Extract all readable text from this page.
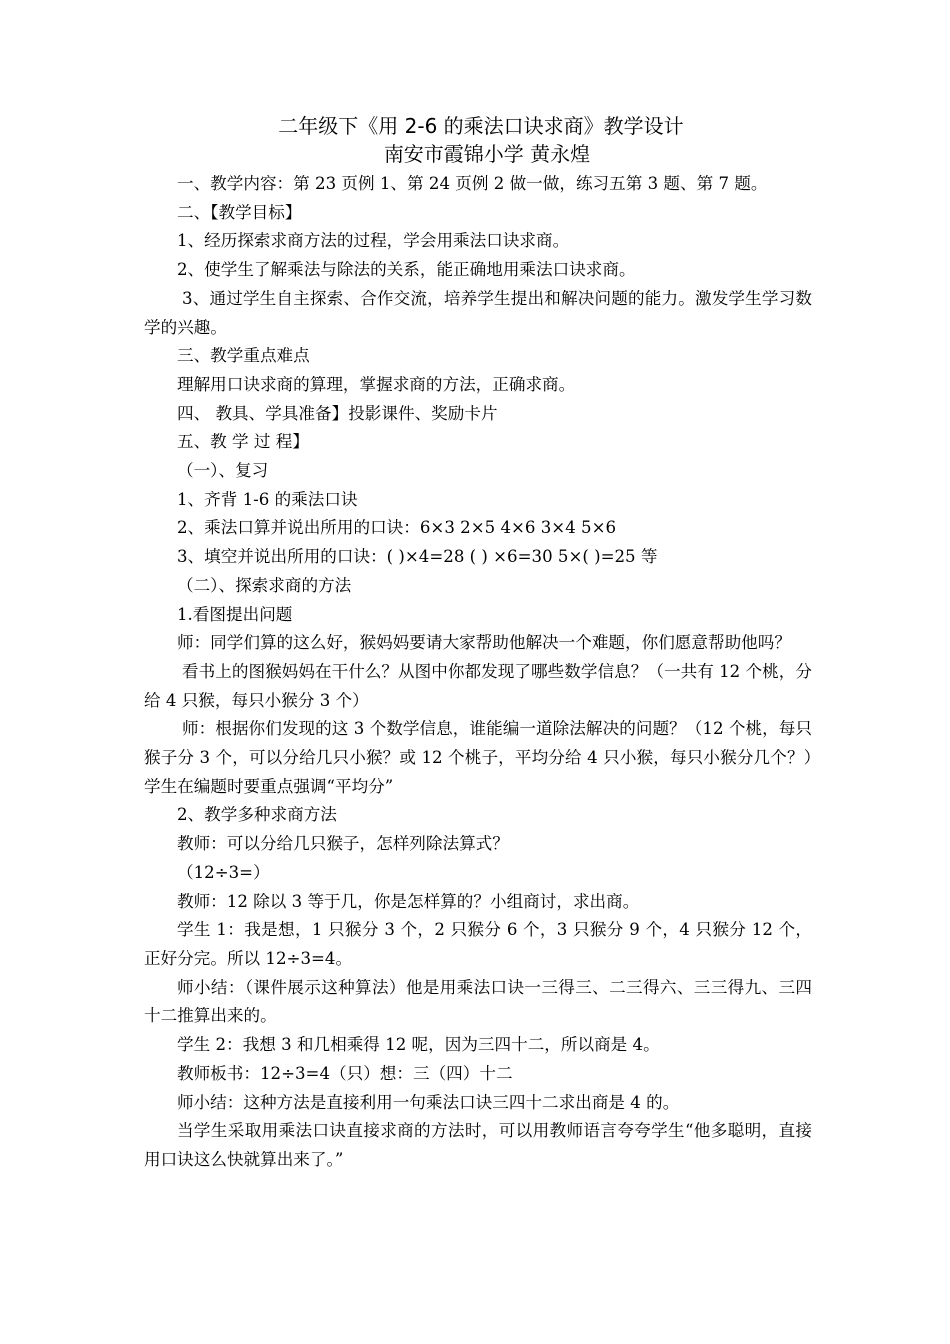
二年级下《用 2-6 的乘法口诀求商》教学设计
南安市霞锦小学 黄永煌

一、教学内容：第 23 页例 1、第 24 页例 2 做一做，练习五第 3 题、第 7 题。

二、【教学目标】

1、经历探索求商方法的过程，学会用乘法口诀求商。

2、使学生了解乘法与除法的关系，能正确地用乘法口诀求商。

3、通过学生自主探索、合作交流，培养学生提出和解决问题的能力。激发学生学习数学的兴趣。

三、教学重点难点

理解用口诀求商的算理，掌握求商的方法，正确求商。

四、 教具、学具准备】投影课件、奖励卡片

五、教 学 过 程】

（一）、复习

1、齐背 1-6 的乘法口诀

2、乘法口算并说出所用的口诀：6×3 2×5 4×6 3×4 5×6

3、填空并说出所用的口诀：( )×4=28 ( ) ×6=30 5×( )=25 等

（二）、探索求商的方法

1.看图提出问题

师：同学们算的这么好，猴妈妈要请大家帮助他解决一个难题，你们愿意帮助他吗？

看书上的图猴妈妈在干什么？从图中你都发现了哪些数学信息？（一共有 12 个桃，分给 4 只猴，每只小猴分 3 个）

师：根据你们发现的这 3 个数学信息，谁能编一道除法解决的问题？（12 个桃，每只猴子分 3 个，可以分给几只小猴？或 12 个桃子，平均分给 4 只小猴，每只小猴分几个？）学生在编题时要重点强调“平均分”

2、教学多种求商方法

教师：可以分给几只猴子，怎样列除法算式？

（12÷3=）

教师：12 除以 3 等于几，你是怎样算的？小组商讨，求出商。

学生 1：我是想，1 只猴分 3 个，2 只猴分 6 个，3 只猴分 9 个，4 只猴分 12 个，正好分完。所以 12÷3=4。

师小结：（课件展示这种算法）他是用乘法口诀一三得三、二三得六、三三得九、三四十二推算出来的。

学生 2：我想 3 和几相乘得 12 呢，因为三四十二，所以商是 4。

教师板书：12÷3=4（只）想：三（四）十二

师小结：这种方法是直接利用一句乘法口诀三四十二求出商是 4 的。

当学生采取用乘法口诀直接求商的方法时，可以用教师语言夸夸学生“他多聪明，直接用口诀这么快就算出来了。”
